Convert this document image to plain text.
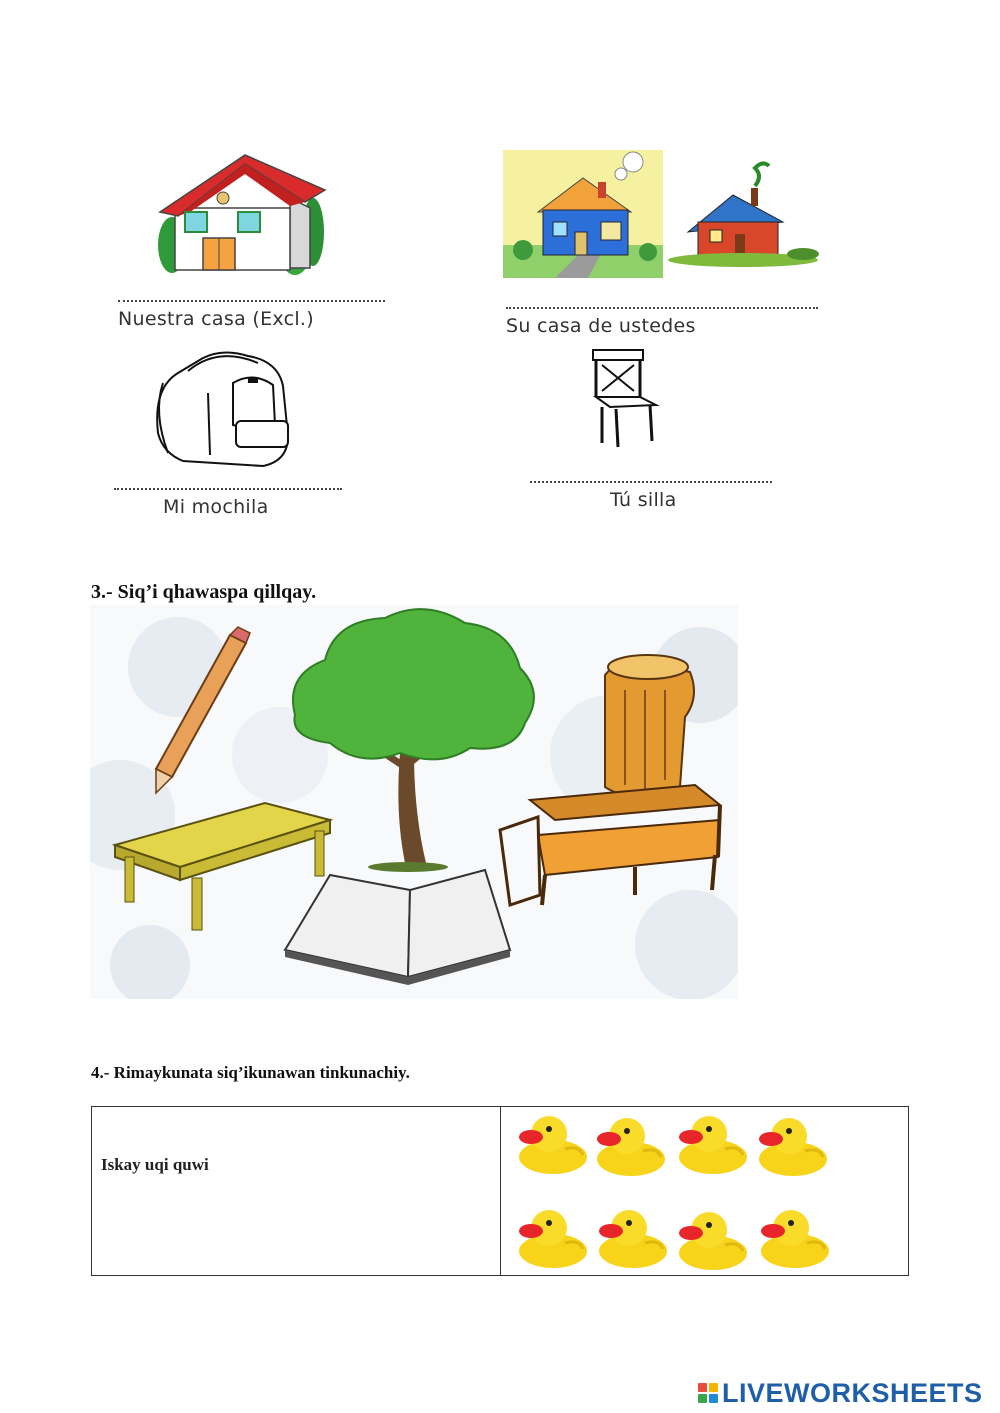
Nuestra casa (Excl.)	Su casa de ustedes
Mi mochila	Tú silla
3.- Siq’i qhawaspa qillqay.
4.- Rimaykunata siq’ikunawan tinkunachiy.
Iskay uqi quwi

LIVEWORKSHEETS
